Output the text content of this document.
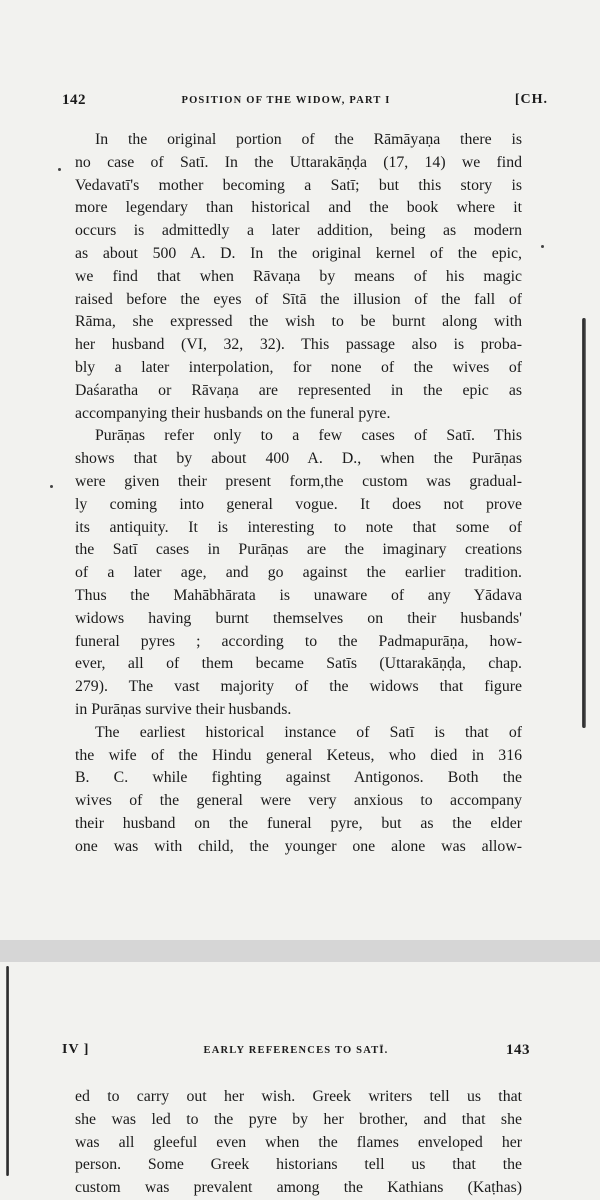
142	POSITION OF THE WIDOW, PART I	[CH.
In the original portion of the Rāmāyaṇa there is
no case of Satī. In the Uttarakāṇḍa (17, 14) we find
Vedavatī's mother becoming a Satī; but this story is
more legendary than historical and the book where it
occurs is admittedly a later addition, being as modern
as about 500 A. D. In the original kernel of the epic,
we find that when Rāvaṇa by means of his magic
raised before the eyes of Sītā the illusion of the fall of
Rāma, she expressed the wish to be burnt along with
her husband (VI, 32, 32). This passage also is proba-
bly a later interpolation, for none of the wives of
Daśaratha or Rāvaṇa are represented in the epic as
accompanying their husbands on the funeral pyre.
Purāṇas refer only to a few cases of Satī. This
shows that by about 400 A. D., when the Purāṇas
were given their present form,the custom was gradual-
ly coming into general vogue. It does not prove
its antiquity. It is interesting to note that some of
the Satī cases in Purāṇas are the imaginary creations
of a later age, and go against the earlier tradition.
Thus the Mahābhārata is unaware of any Yādava
widows having burnt themselves on their husbands'
funeral pyres ; according to the Padmapurāṇa, how-
ever, all of them became Satīs (Uttarakāṇḍa, chap.
279). The vast majority of the widows that figure
in Purāṇas survive their husbands.
The earliest historical instance of Satī is that of
the wife of the Hindu general Keteus, who died in 316
B. C. while fighting against Antigonos. Both the
wives of the general were very anxious to accompany
their husband on the funeral pyre, but as the elder
one was with child, the younger one alone was allow-
IV ]	EARLY REFERENCES TO SATĪ.	143
ed to carry out her wish. Greek writers tell us that
she was led to the pyre by her brother, and that she
was all gleeful even when the flames enveloped her
person. Some Greek historians tell us that the
custom was prevalent among the Kathians (Kaṭhas)
